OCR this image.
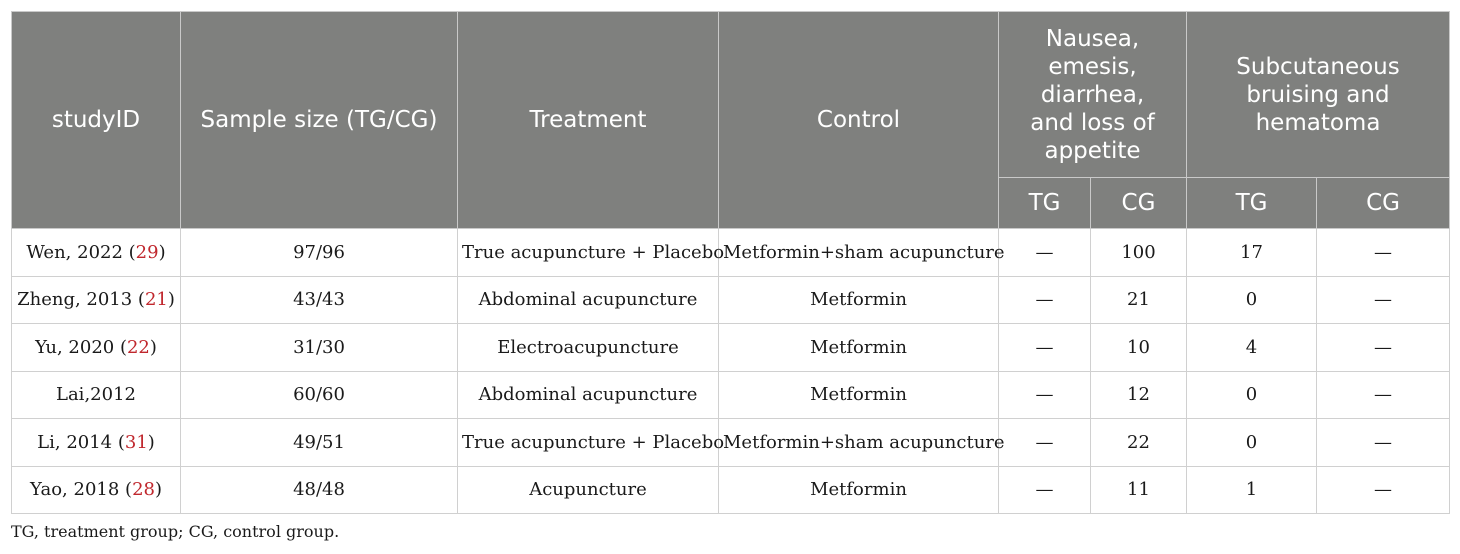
studyID	Sample size (TG/CG)	Treatment	Control	Nausea, emesis, diarrhea, and loss of appetite		Subcutaneous bruising and hematoma	
				TG	CG	TG	CG
Wen, 2022 (29)	97/96	True acupuncture + Placebo	Metformin+sham acupuncture	—	100	17	—
Zheng, 2013 (21)	43/43	Abdominal acupuncture	Metformin	—	21	0	—
Yu, 2020 (22)	31/30	Electroacupuncture	Metformin	—	10	4	—
Lai,2012	60/60	Abdominal acupuncture	Metformin	—	12	0	—
Li, 2014 (31)	49/51	True acupuncture + Placebo	Metformin+sham acupuncture	—	22	0	—
Yao, 2018 (28)	48/48	Acupuncture	Metformin	—	11	1	—
TG, treatment group; CG, control group.
